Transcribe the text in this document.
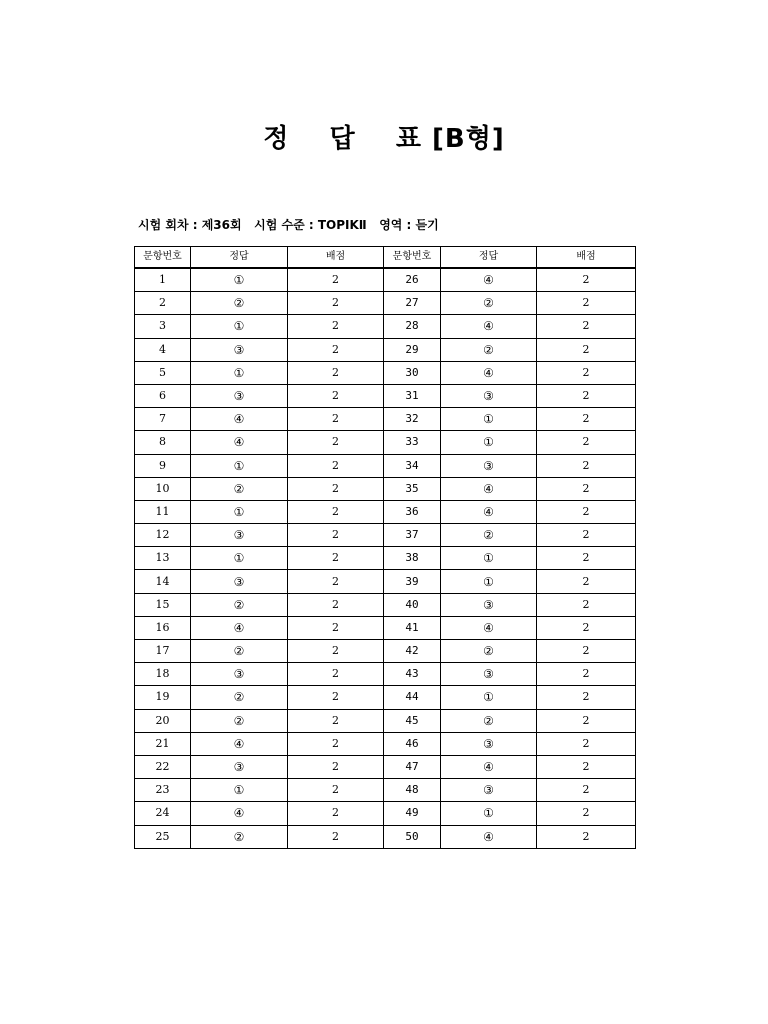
정    답    표 [B형]
시험 회차 : 제36회   시험 수준 : TOPIKⅡ   영역 : 듣기
문항번호	정답	배점	문항번호	정답	배점
1	①	2	26	④	2
2	②	2	27	②	2
3	①	2	28	④	2
4	③	2	29	②	2
5	①	2	30	④	2
6	③	2	31	③	2
7	④	2	32	①	2
8	④	2	33	①	2
9	①	2	34	③	2
10	②	2	35	④	2
11	①	2	36	④	2
12	③	2	37	②	2
13	①	2	38	①	2
14	③	2	39	①	2
15	②	2	40	③	2
16	④	2	41	④	2
17	②	2	42	②	2
18	③	2	43	③	2
19	②	2	44	①	2
20	②	2	45	②	2
21	④	2	46	③	2
22	③	2	47	④	2
23	①	2	48	③	2
24	④	2	49	①	2
25	②	2	50	④	2
